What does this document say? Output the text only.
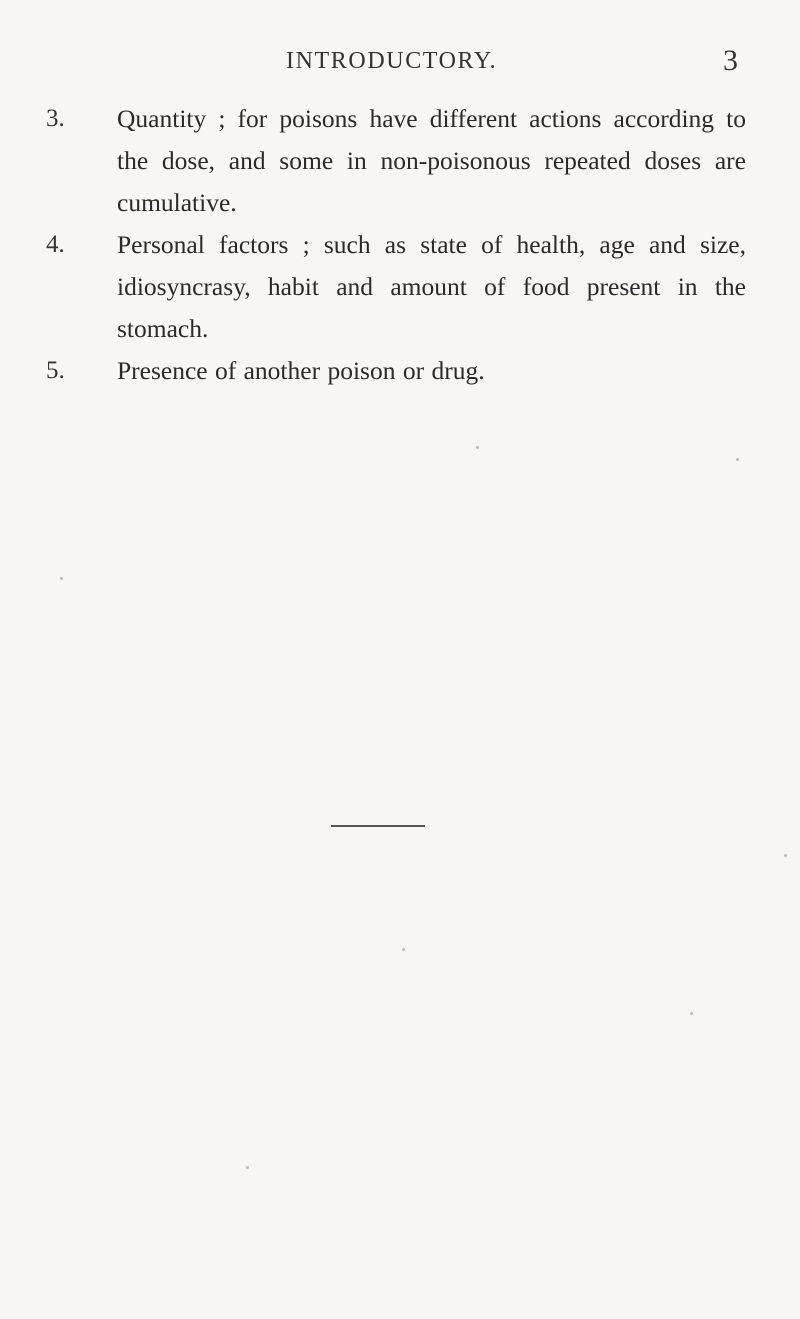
INTRODUCTORY.	3
3.	Quantity ; for poisons have different actions according to the dose, and some in non-poisonous repeated doses are cumulative.
4.	Personal factors ; such as state of health, age and size, idiosyncrasy, habit and amount of food present in the stomach.
5.	Presence of another poison or drug.
